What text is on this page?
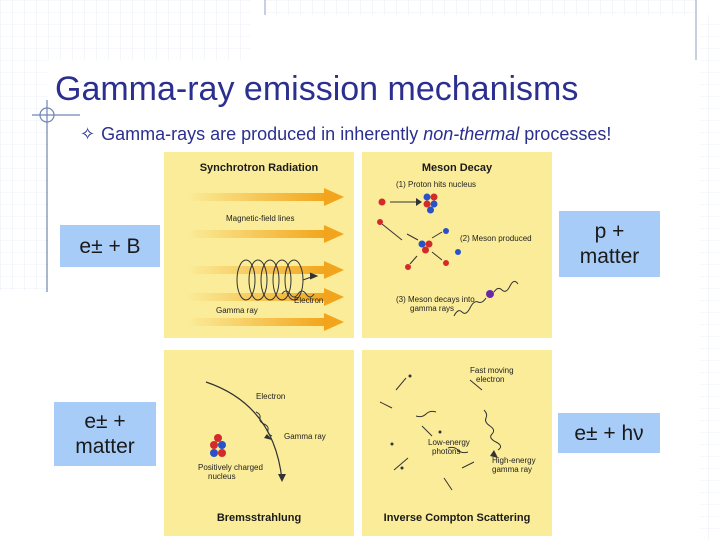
Gamma-ray emission mechanisms
✧ Gamma-rays are produced in inherently non-thermal processes!
Synchrotron Radiation
Magnetic-field lines
Electron
Gamma ray
Meson Decay
(1) Proton hits nucleus
(2) Meson produced
(3) Meson decays into
gamma rays
Electron
Gamma ray
Positively charged
nucleus
Bremsstrahlung
Fast moving
electron
Low-energy
photons
High-energy
gamma ray
Inverse Compton Scattering
e± + B
p +
matter
e± +
matter
e± + hν
